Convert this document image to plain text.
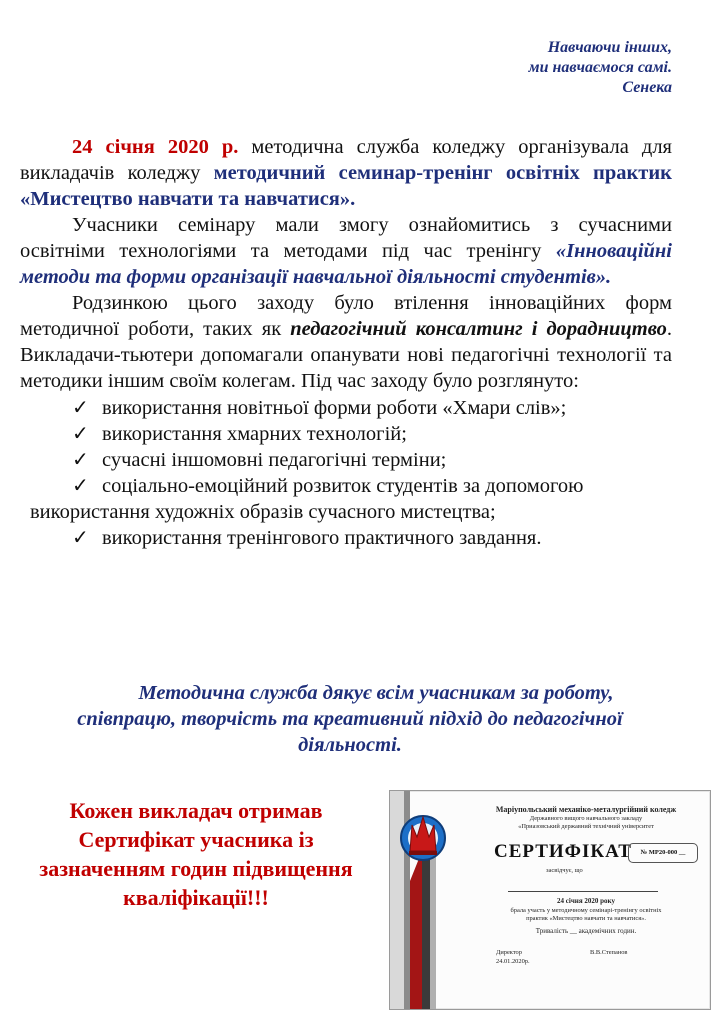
Навчаючи інших,
ми навчаємося самі.
Сенека

24 січня 2020 р. методична служба коледжу організувала для викладачів коледжу методичний семинар-тренінг освітніх практик «Мистецтво навчати та навчатися».

Учасники семінару мали змогу ознайомитись з сучасними освітніми технологіями та методами під час тренінгу «Інноваційні методи та форми організації навчальної діяльності студентів».

Родзинкою цього заходу було втілення інноваційних форм методичної роботи, таких як педагогічний консалтинг і дорадництво. Викладачи-тьютери допомагали опанувати нові педагогічні технології та методики іншим своїм колегам. Під час заходу було розглянуто:

✓ використання новітньої форми роботи «Хмари слів»;
✓ використання хмарних технологій;
✓ сучасні іншомовні педагогічні терміни;
✓ соціально-емоційний розвиток студентів за допомогою
використання художніх образів сучасного мистецтва;
✓ використання тренінгового практичного завдання.
Методична служба дякує всім учасникам за роботу,
співпрацю, творчість та креативний підхід до педагогічної
діяльності.
Кожен викладач отримав
Сертифікат учасника із
зазначенням годин підвищення
кваліфікації!!!
Маріупольський механіко-металургійний коледж
Державного вищого навчального закладу
«Приазовський державний технічний університет
СЕРТИФІКАТ	№ МР20-000 __
засвідчує, що
24 січня 2020 року
брала участь у методичному семінарі-тренінгу освітніх
практик «Мистецтво навчати та навчатися».
Тривалість __ академічних годин.
Директор
24.01.2020р.
В.В.Степанов
